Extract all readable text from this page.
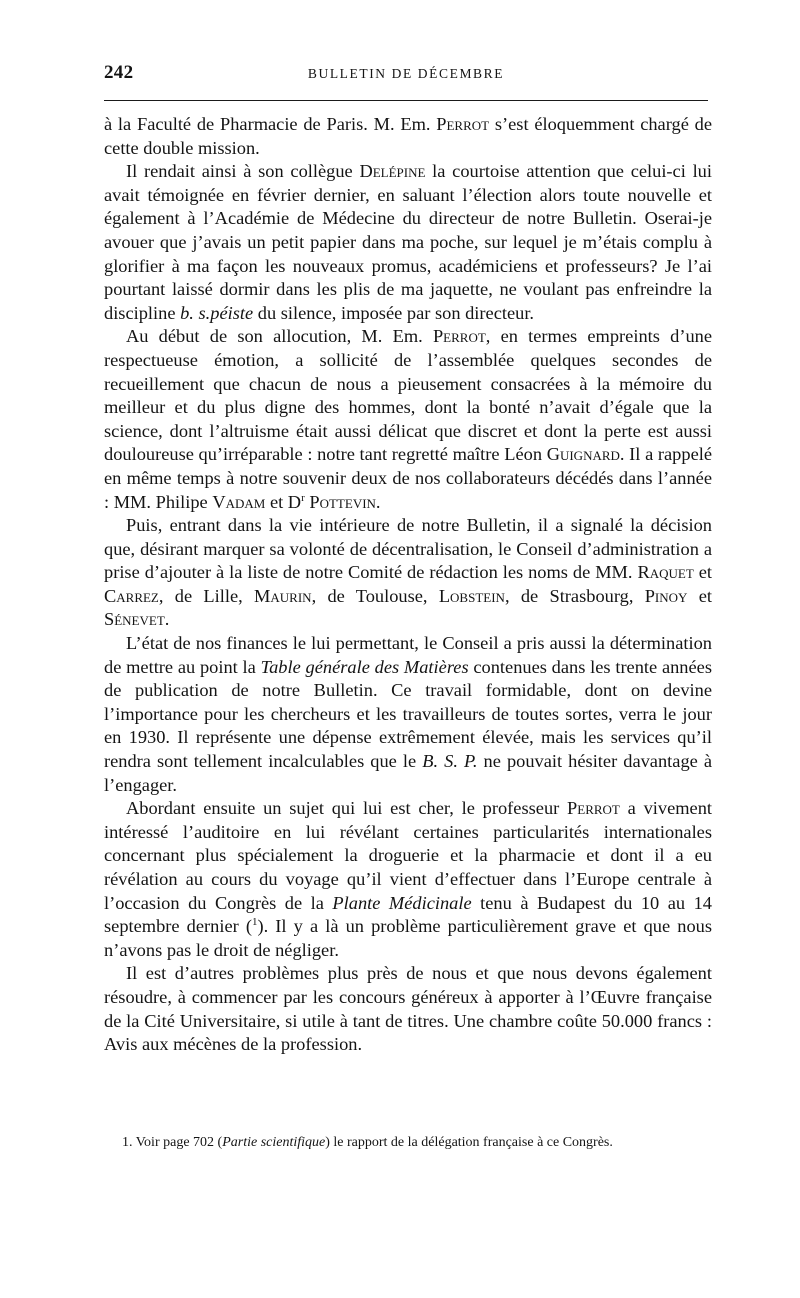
242	BULLETIN DE DÉCEMBRE

à la Faculté de Pharmacie de Paris. M. Em. Perrot s’est éloquemment chargé de cette double mission.

Il rendait ainsi à son collègue Delépine la courtoise attention que celui-ci lui avait témoignée en février dernier, en saluant l’élection alors toute nouvelle et également à l’Académie de Médecine du directeur de notre Bulletin. Oserai-je avouer que j’avais un petit papier dans ma poche, sur lequel je m’étais complu à glorifier à ma façon les nouveaux promus, académiciens et professeurs? Je l’ai pourtant laissé dormir dans les plis de ma jaquette, ne voulant pas enfreindre la discipline b. s.péiste du silence, imposée par son directeur.

Au début de son allocution, M. Em. Perrot, en termes empreints d’une respectueuse émotion, a sollicité de l’assemblée quelques secondes de recueillement que chacun de nous a pieusement consacrées à la mémoire du meilleur et du plus digne des hommes, dont la bonté n’avait d’égale que la science, dont l’altruisme était aussi délicat que discret et dont la perte est aussi douloureuse qu’irréparable : notre tant regretté maître Léon Guignard. Il a rappelé en même temps à notre souvenir deux de nos collaborateurs décédés dans l’année : MM. Philipe Vadam et $D^r$ Pottevin.

Puis, entrant dans la vie intérieure de notre Bulletin, il a signalé la décision que, désirant marquer sa volonté de décentralisation, le Conseil d’administration a prise d’ajouter à la liste de notre Comité de rédaction les noms de MM. Raquet et Carrez, de Lille, Maurin, de Toulouse, Lobstein, de Strasbourg, Pinoy et Sénevet.

L’état de nos finances le lui permettant, le Conseil a pris aussi la détermination de mettre au point la Table générale des Matières contenues dans les trente années de publication de notre Bulletin. Ce travail formidable, dont on devine l’importance pour les chercheurs et les travailleurs de toutes sortes, verra le jour en 1930. Il représente une dépense extrêmement élevée, mais les services qu’il rendra sont tellement incalculables que le B. S. P. ne pouvait hésiter davantage à l’engager.

Abordant ensuite un sujet qui lui est cher, le professeur Perrot a vivement intéressé l’auditoire en lui révélant certaines particularités internationales concernant plus spécialement la droguerie et la pharmacie et dont il a eu révélation au cours du voyage qu’il vient d’effectuer dans l’Europe centrale à l’occasion du Congrès de la Plante Médicinale tenu à Budapest du 10 au 14 septembre dernier ($^1$). Il y a là un problème particulièrement grave et que nous n’avons pas le droit de négliger.

Il est d’autres problèmes plus près de nous et que nous devons également résoudre, à commencer par les concours généreux à apporter à l’Œuvre française de la Cité Universitaire, si utile à tant de titres. Une chambre coûte 50.000 francs : Avis aux mécènes de la profession.

1. Voir page 702 (Partie scientifique) le rapport de la délégation française à ce Congrès.
